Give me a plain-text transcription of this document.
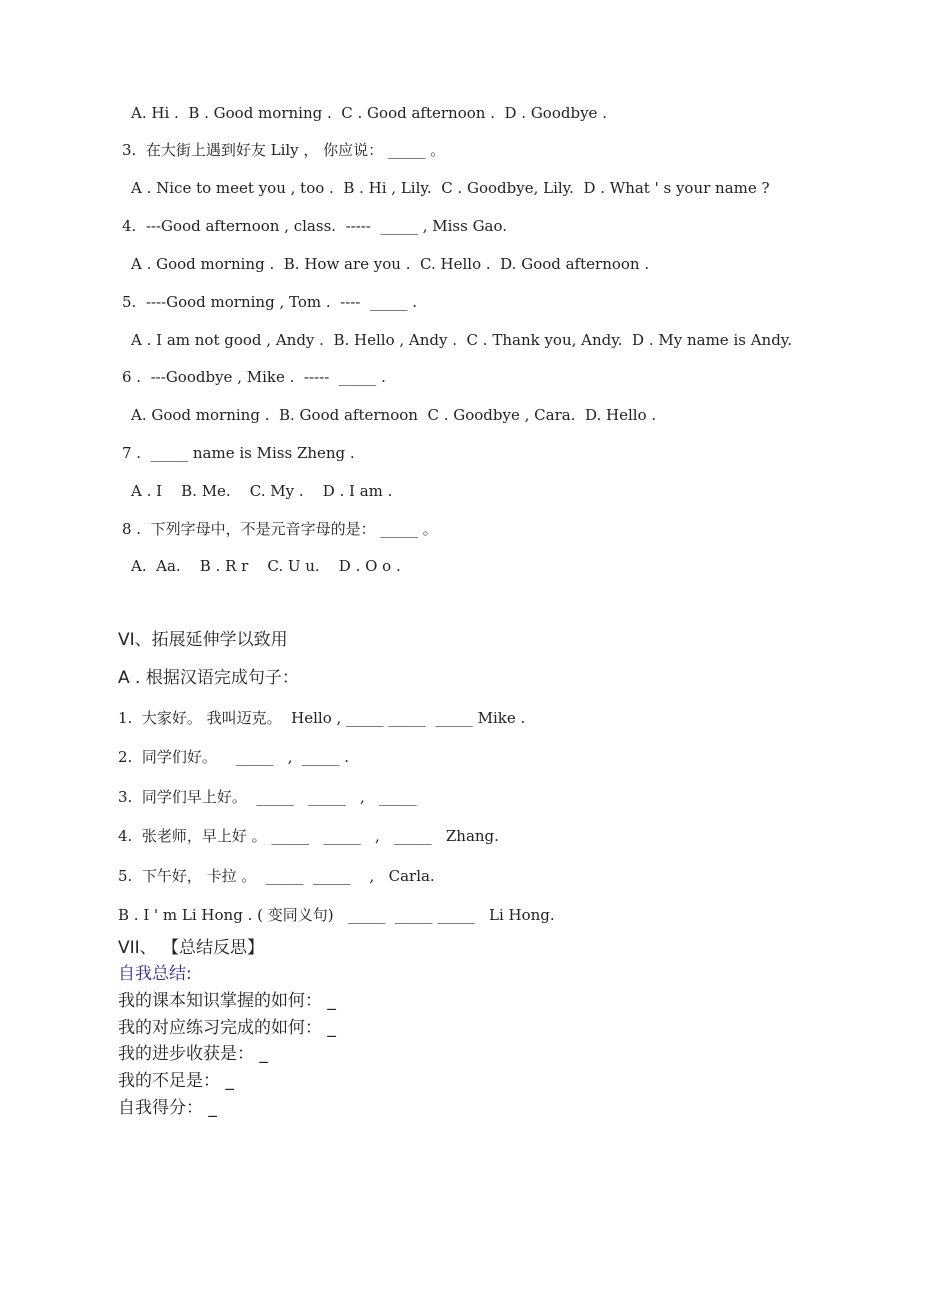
A. Hi .  B . Good morning .  C . Good afternoon .  D . Goodbye .
3.  在大街上遇到好友 Lily ， 你应说： _____ 。
A . Nice to meet you , too .  B . Hi , Lily.  C . Goodbye, Lily.  D . What ' s your name ?
4.  ---Good afternoon , class.  -----  _____ , Miss Gao.
A . Good morning .  B. How are you .  C. Hello .  D. Good afternoon .
5.  ----Good morning , Tom .  ----  _____ .
A . I am not good , Andy .  B. Hello , Andy .  C . Thank you, Andy.  D . My name is Andy.
6 .  ---Goodbye , Mike .  -----  _____ .
A. Good morning .  B. Good afternoon  C . Goodbye , Cara.  D. Hello .
7 .  _____ name is Miss Zheng .
A . I    B. Me.    C. My .    D . I am .
8 .  下列字母中，不是元音字母的是： _____ 。
A.  Aa.    B . R r    C. U u.    D . O o .
VI、拓展延伸学以致用
A . 根据汉语完成句子：
1.  大家好。 我叫迈克。  Hello , _____ _____  _____ Mike .
2.  同学们好。    _____   ,  _____ .
3.  同学们早上好。  _____   _____   ,   _____
4.  张老师，早上好 。 _____   _____   ,   _____   Zhang.
5.  下午好， 卡拉 。  _____  _____    ,   Carla.
B . I ' m Li Hong . ( 变同义句)   _____  _____ _____   Li Hong.
VII、 【总结反思】
自我总结:
我的课本知识掌握的如何： _
我的对应练习完成的如何： _
我的进步收获是： _
我的不足是： _
自我得分： _
